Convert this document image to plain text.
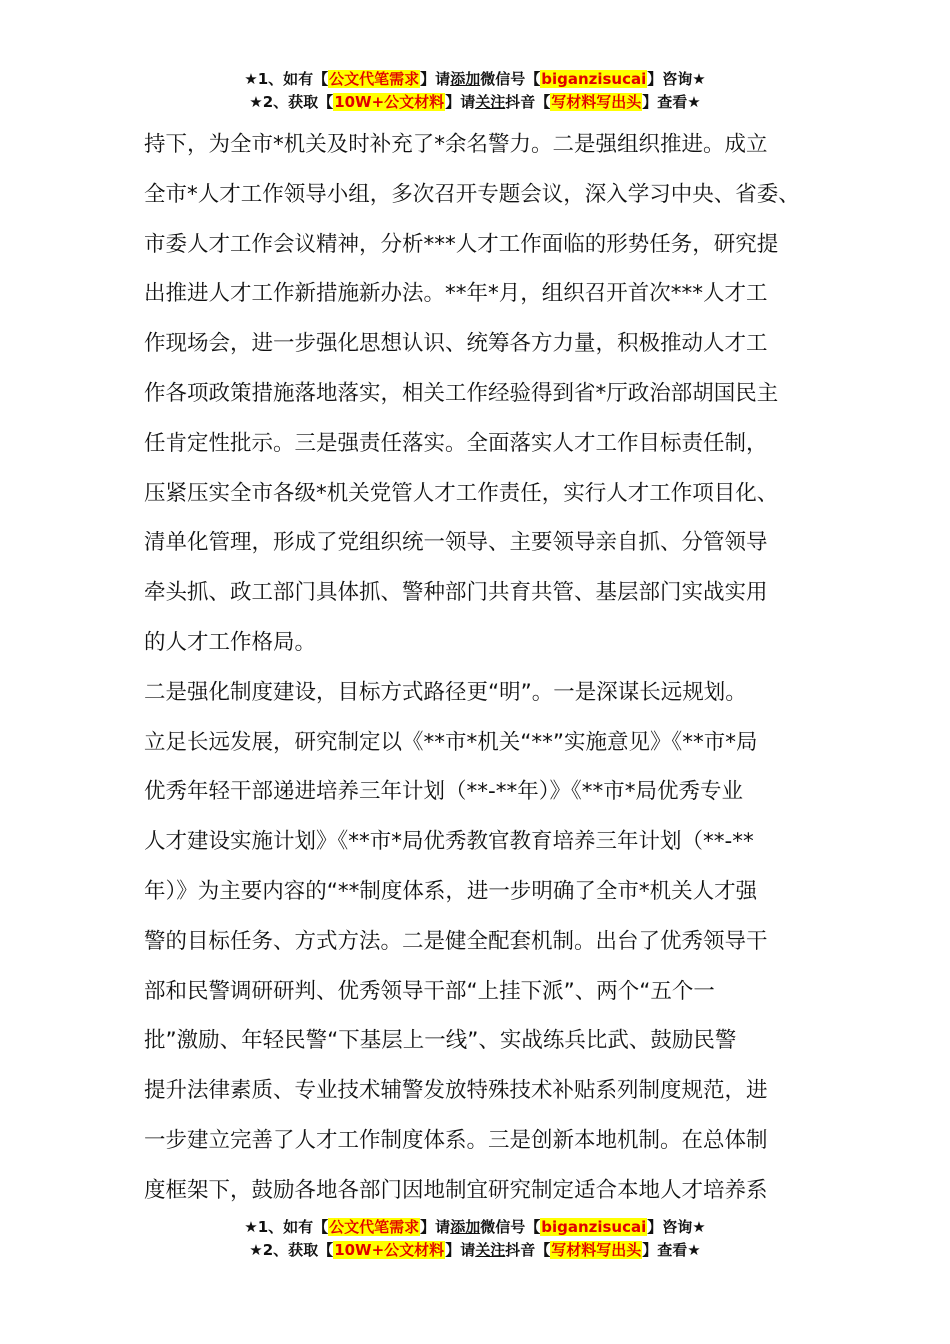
★1、如有【公文代笔需求】请添加微信号【biganzisucai】咨询★
★2、获取【10W+公文材料】请关注抖音【写材料写出头】查看★
持下，为全市*机关及时补充了*余名警力。二是强组织推进。成立
全市*人才工作领导小组，多次召开专题会议，深入学习中央、省委、
市委人才工作会议精神，分析***人才工作面临的形势任务，研究提
出推进人才工作新措施新办法。**年*月，组织召开首次***人才工
作现场会，进一步强化思想认识、统筹各方力量，积极推动人才工
作各项政策措施落地落实，相关工作经验得到省*厅政治部胡国民主
任肯定性批示。三是强责任落实。全面落实人才工作目标责任制，
压紧压实全市各级*机关党管人才工作责任，实行人才工作项目化、
清单化管理，形成了党组织统一领导、主要领导亲自抓、分管领导
牵头抓、政工部门具体抓、警种部门共育共管、基层部门实战实用
的人才工作格局。
二是强化制度建设，目标方式路径更“明”。一是深谋长远规划。
立足长远发展，研究制定以《**市*机关“**”实施意见》《**市*局
优秀年轻干部递进培养三年计划（**-**年）》《**市*局优秀专业
人才建设实施计划》《**市*局优秀教官教育培养三年计划（**-**
年）》为主要内容的“**制度体系，进一步明确了全市*机关人才强
警的目标任务、方式方法。二是健全配套机制。出台了优秀领导干
部和民警调研研判、优秀领导干部“上挂下派”、两个“五个一
批”激励、年轻民警“下基层上一线”、实战练兵比武、鼓励民警
提升法律素质、专业技术辅警发放特殊技术补贴系列制度规范，进
一步建立完善了人才工作制度体系。三是创新本地机制。在总体制
度框架下，鼓励各地各部门因地制宜研究制定适合本地人才培养系
★1、如有【公文代笔需求】请添加微信号【biganzisucai】咨询★
★2、获取【10W+公文材料】请关注抖音【写材料写出头】查看★
